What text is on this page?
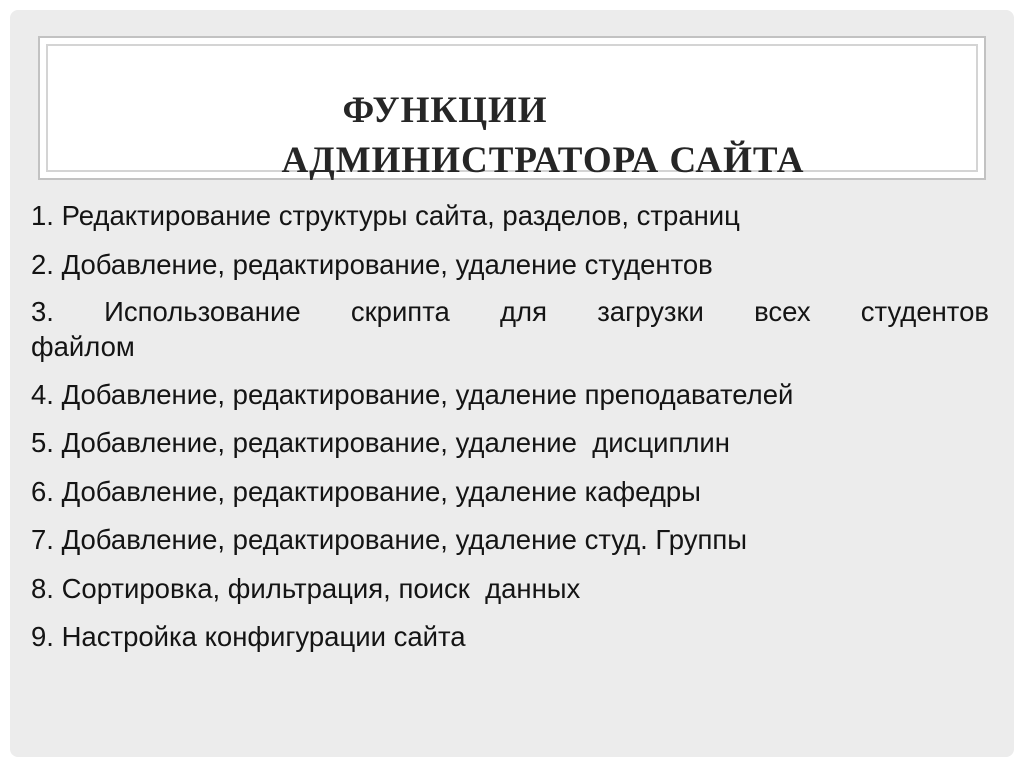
ФУНКЦИИ
АДМИНИСТРАТОРА САЙТА
1. Редактирование структуры сайта, разделов, страниц
2. Добавление, редактирование, удаление студентов
3. Использование скрипта для загрузки всех студентов
файлом
4. Добавление, редактирование, удаление преподавателей
5. Добавление, редактирование, удаление  дисциплин
6. Добавление, редактирование, удаление кафедры
7. Добавление, редактирование, удаление студ. Группы
8. Сортировка, фильтрация, поиск  данных
9. Настройка конфигурации сайта
